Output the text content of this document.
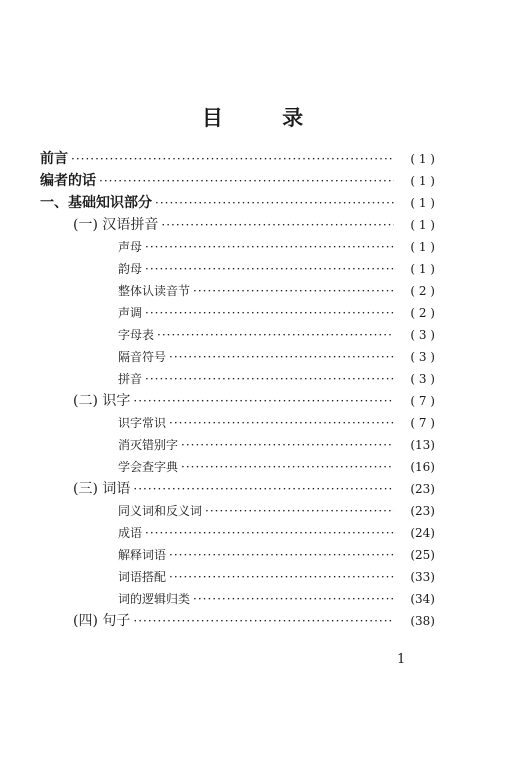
目 录
前言 ·····	( 1 )
编者的话 ·····	( 1 )
一、基础知识部分 ·····	( 1 )
(一) 汉语拼音 ·····	( 1 )
声母 ·····	( 1 )
韵母 ·····	( 1 )
整体认读音节 ·····	( 2 )
声调 ·····	( 2 )
字母表 ·····	( 3 )
隔音符号 ·····	( 3 )
拼音 ·····	( 3 )
(二) 识字 ·····	( 7 )
识字常识 ·····	( 7 )
消灭错别字 ·····	(13)
学会查字典 ·····	(16)
(三) 词语 ·····	(23)
同义词和反义词 ·····	(23)
成语 ·····	(24)
解释词语 ·····	(25)
词语搭配 ·····	(33)
词的逻辑归类 ·····	(34)
(四) 句子 ·····	(38)
1
